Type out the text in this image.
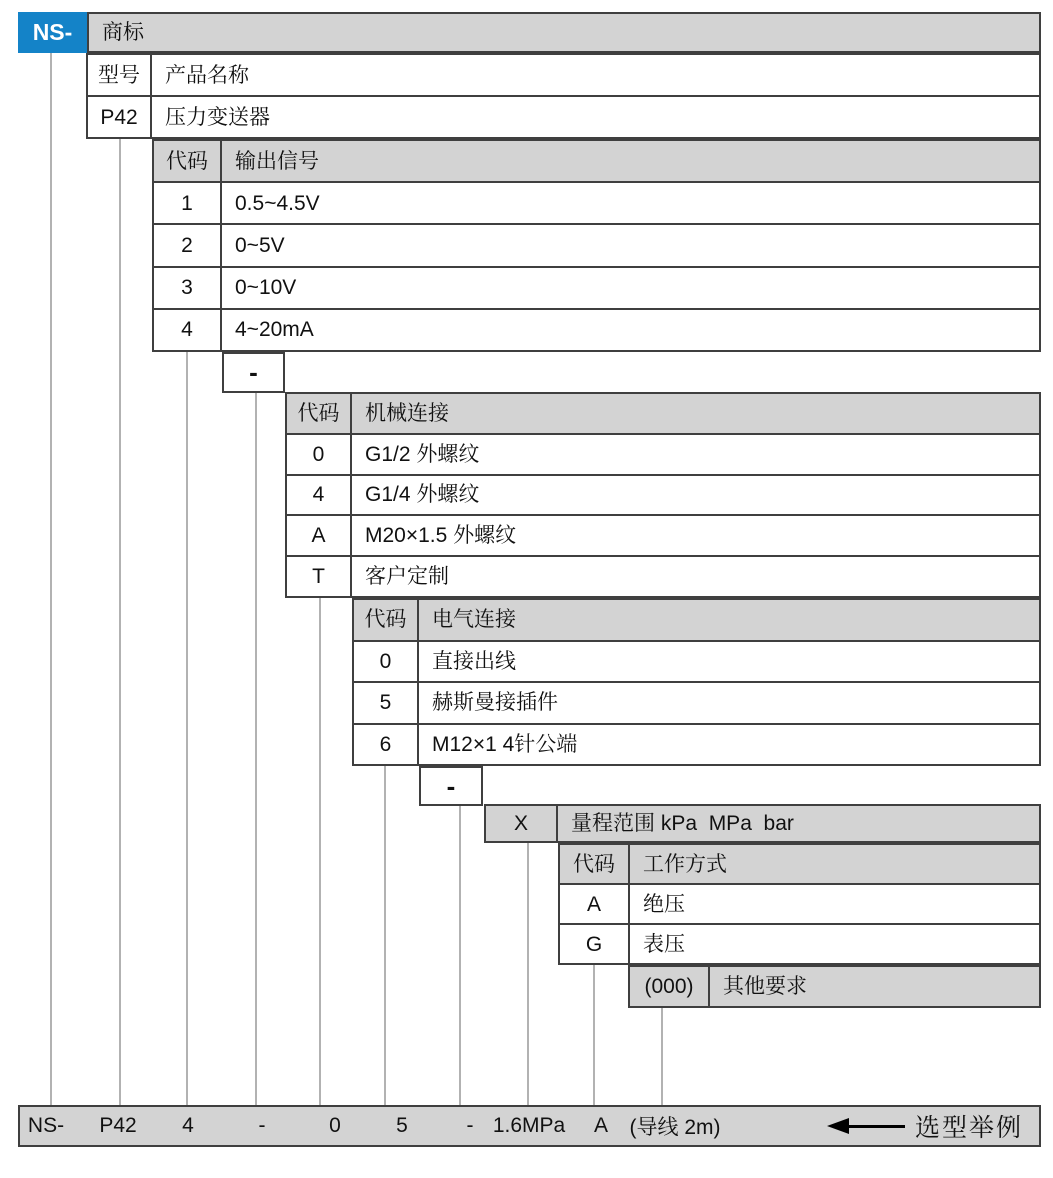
NS- 商标
型号 产品名称
P42 压力变送器
代码 输出信号
1 0.5~4.5V
2 0~5V
3 0~10V
4 4~20mA
-
代码 机械连接
0 G1/2 外螺纹
4 G1/4 外螺纹
A M20×1.5 外螺纹
T 客户定制
代码 电气连接
0 直接出线
5 赫斯曼接插件
6 M12×1 4针公端
-
X 量程范围 kPa  MPa  bar
代码 工作方式
A 绝压
G 表压
(000) 其他要求
NS- P42 4	-	0	5	- 1.6MPa A (导线 2m)	选型举例
